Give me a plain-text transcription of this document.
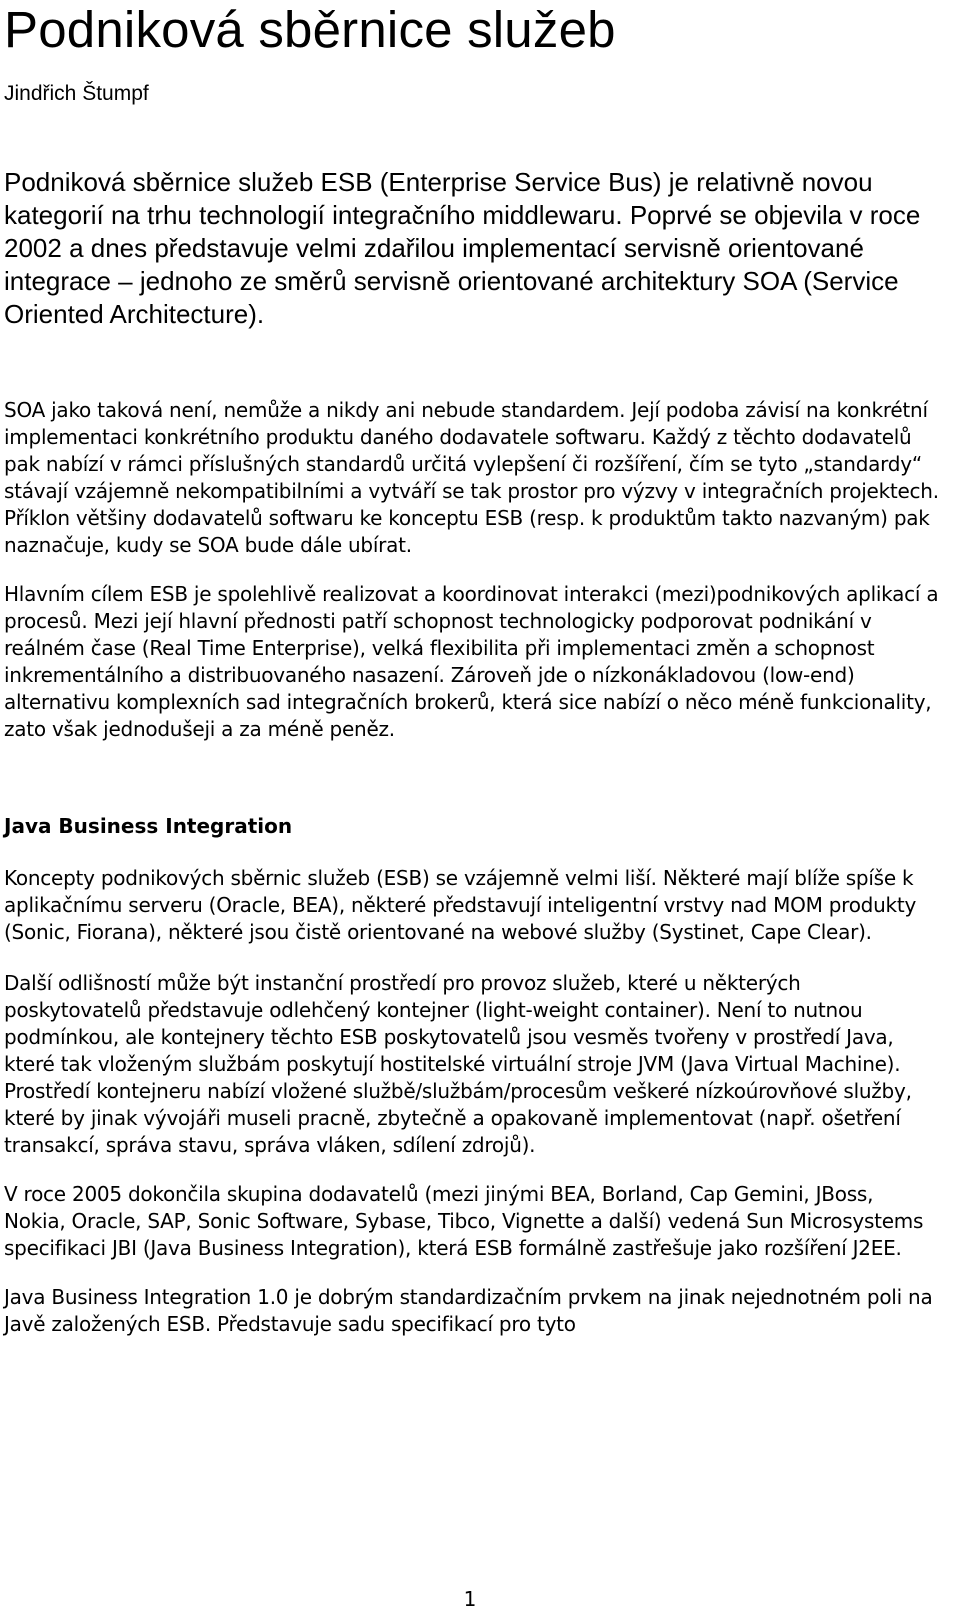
Podniková sběrnice služeb

Jindřich Štumpf

Podniková sběrnice služeb ESB (Enterprise Service Bus) je relativně novou kategorií na trhu technologií integračního middlewaru. Poprvé se objevila v roce 2002 a dnes představuje velmi zdařilou implementací servisně orientované integrace – jednoho ze směrů servisně orientované architektury SOA (Service Oriented Architecture).

SOA jako taková není, nemůže a nikdy ani nebude standardem. Její podoba závisí na konkrétní implementaci konkrétního produktu daného dodavatele softwaru. Každý z těchto dodavatelů pak nabízí v rámci příslušných standardů určitá vylepšení či rozšíření, čím se tyto „standardy“ stávají vzájemně nekompatibilními a vytváří se tak prostor pro výzvy v integračních projektech. Příklon většiny dodavatelů softwaru ke konceptu ESB (resp. k produktům takto nazvaným) pak naznačuje, kudy se SOA bude dále ubírat.

Hlavním cílem ESB je spolehlivě realizovat a koordinovat interakci (mezi)podnikových aplikací a procesů. Mezi její hlavní přednosti patří schopnost technologicky podporovat podnikání v reálném čase (Real Time Enterprise), velká flexibilita při implementaci změn a schopnost inkrementálního a distribuovaného nasazení. Zároveň jde o nízkonákladovou (low-end) alternativu komplexních sad integračních brokerů, která sice nabízí o něco méně funkcionality, zato však jednodušeji a za méně peněz.

Java Business Integration

Koncepty podnikových sběrnic služeb (ESB) se vzájemně velmi liší. Některé mají blíže spíše k aplikačnímu serveru (Oracle, BEA), některé představují inteligentní vrstvy nad MOM produkty (Sonic, Fiorana), některé jsou čistě orientované na webové služby (Systinet, Cape Clear).

Další odlišností může být instanční prostředí pro provoz služeb, které u některých poskytovatelů představuje odlehčený kontejner (light-weight container). Není to nutnou podmínkou, ale kontejnery těchto ESB poskytovatelů jsou vesměs tvořeny v prostředí Java, které tak vloženým službám poskytují hostitelské virtuální stroje JVM (Java Virtual Machine). Prostředí kontejneru nabízí vložené službě/službám/procesům veškeré nízkoúrovňové služby, které by jinak vývojáři museli pracně, zbytečně a opakovaně implementovat (např. ošetření transakcí, správa stavu, správa vláken, sdílení zdrojů).

V roce 2005 dokončila skupina dodavatelů (mezi jinými BEA, Borland, Cap Gemini, JBoss, Nokia, Oracle, SAP, Sonic Software, Sybase, Tibco, Vignette a další) vedená Sun Microsystems specifikaci JBI (Java Business Integration), která ESB formálně zastřešuje jako rozšíření J2EE.

Java Business Integration 1.0 je dobrým standardizačním prvkem na jinak nejednotném poli na Javě založených ESB. Představuje sadu specifikací pro tyto

1
